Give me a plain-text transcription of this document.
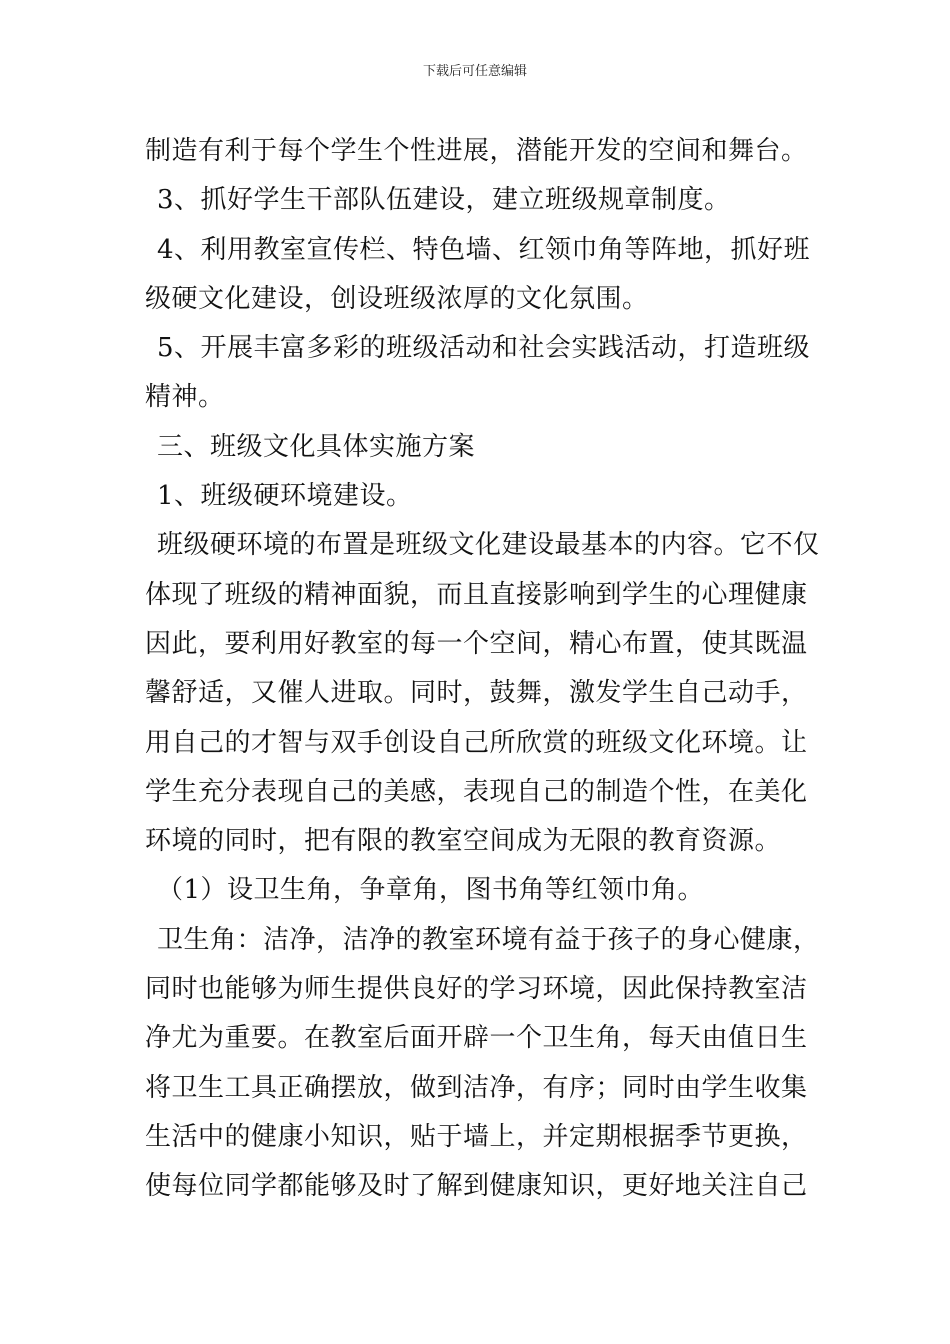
下载后可任意编辑
制造有利于每个学生个性进展，潜能开发的空间和舞台。
3、抓好学生干部队伍建设，建立班级规章制度。
4、利用教室宣传栏、特色墙、红领巾角等阵地，抓好班
级硬文化建设，创设班级浓厚的文化氛围。
5、开展丰富多彩的班级活动和社会实践活动，打造班级
精神。
三、班级文化具体实施方案
1、班级硬环境建设。
班级硬环境的布置是班级文化建设最基本的内容。它不仅
体现了班级的精神面貌，而且直接影响到学生的心理健康
因此，要利用好教室的每一个空间，精心布置，使其既温
馨舒适，又催人进取。同时，鼓舞，激发学生自己动手，
用自己的才智与双手创设自己所欣赏的班级文化环境。让
学生充分表现自己的美感，表现自己的制造个性，在美化
环境的同时，把有限的教室空间成为无限的教育资源。
（1）设卫生角，争章角，图书角等红领巾角。
卫生角：洁净，洁净的教室环境有益于孩子的身心健康，
同时也能够为师生提供良好的学习环境，因此保持教室洁
净尤为重要。在教室后面开辟一个卫生角，每天由值日生
将卫生工具正确摆放，做到洁净，有序；同时由学生收集
生活中的健康小知识，贴于墙上，并定期根据季节更换，
使每位同学都能够及时了解到健康知识，更好地关注自己
